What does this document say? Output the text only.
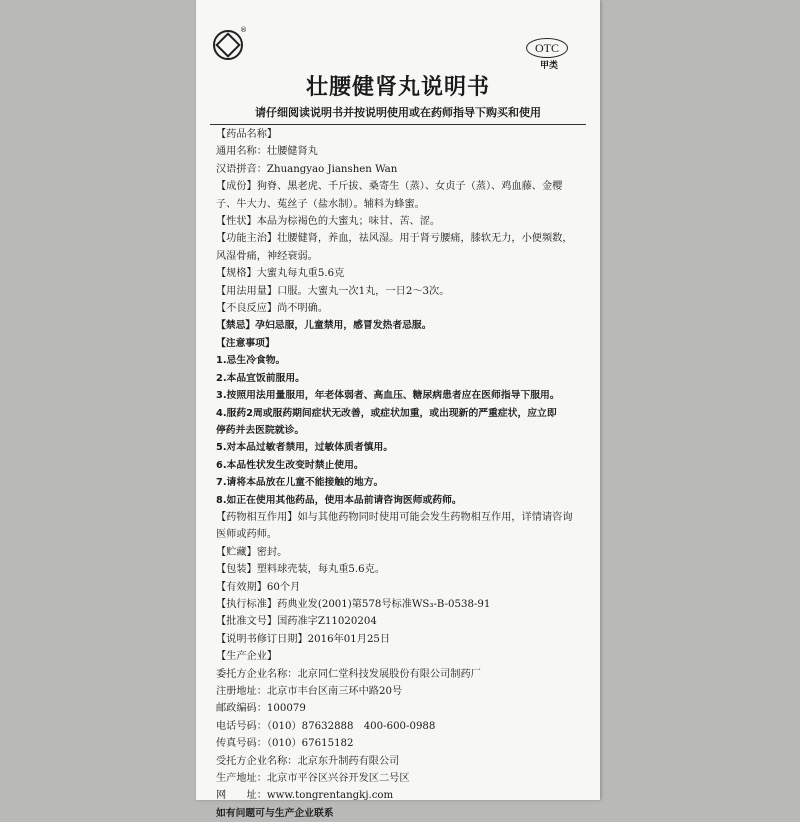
®
OTC
甲类
壮腰健肾丸说明书
请仔细阅读说明书并按说明使用或在药师指导下购买和使用
【药品名称】
通用名称：壮腰健肾丸
汉语拼音：Zhuangyao Jianshen Wan
【成份】狗脊、黑老虎、千斤拔、桑寄生（蒸）、女贞子（蒸）、鸡血藤、金樱
子、牛大力、菟丝子（盐水制）。辅料为蜂蜜。
【性状】本品为棕褐色的大蜜丸；味甘、苦、涩。
【功能主治】壮腰健肾，养血，祛风湿。用于肾亏腰痛，膝软无力，小便频数，
风湿骨痛，神经衰弱。
【规格】大蜜丸每丸重5.6克
【用法用量】口服。大蜜丸一次1丸，一日2～3次。
【不良反应】尚不明确。
【禁忌】孕妇忌服，儿童禁用，感冒发热者忌服。
【注意事项】
1.忌生冷食物。
2.本品宜饭前服用。
3.按照用法用量服用，年老体弱者、高血压、糖尿病患者应在医师指导下服用。
4.服药2周或服药期间症状无改善，或症状加重，或出现新的严重症状，应立即
停药并去医院就诊。
5.对本品过敏者禁用，过敏体质者慎用。
6.本品性状发生改变时禁止使用。
7.请将本品放在儿童不能接触的地方。
8.如正在使用其他药品，使用本品前请咨询医师或药师。
【药物相互作用】如与其他药物同时使用可能会发生药物相互作用，详情请咨询
医师或药师。
【贮藏】密封。
【包装】塑料球壳装，每丸重5.6克。
【有效期】60个月
【执行标准】药典业发(2001)第578号标准WS₃-B-0538-91
【批准文号】国药准字Z11020204
【说明书修订日期】2016年01月25日
【生产企业】
委托方企业名称：北京同仁堂科技发展股份有限公司制药厂
注册地址：北京市丰台区南三环中路20号
邮政编码：100079
电话号码：（010）87632888　400-600-0988
传真号码：（010）67615182
受托方企业名称：北京东升制药有限公司
生产地址：北京市平谷区兴谷开发区二号区
网　　址：www.tongrentangkj.com
如有问题可与生产企业联系
